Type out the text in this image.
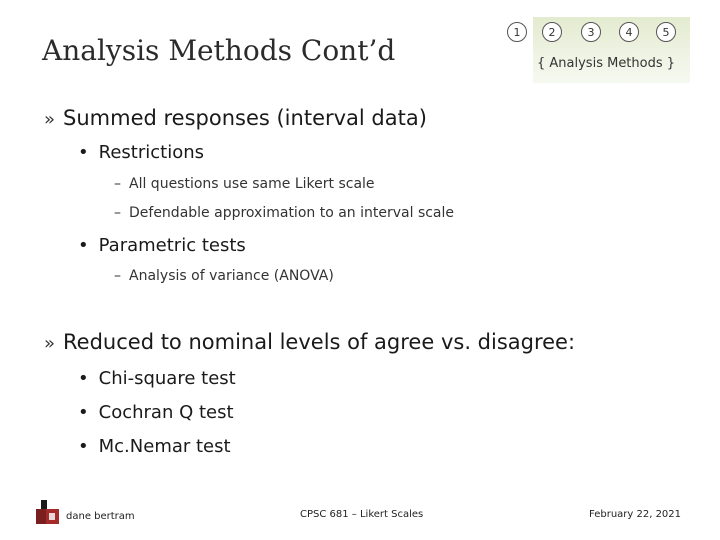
Analysis Methods Cont’d
1	2	3	4	5
{ Analysis Methods }
» Summed responses (interval data)
• Restrictions
– All questions use same Likert scale
– Defendable approximation to an interval scale
• Parametric tests
– Analysis of variance (ANOVA)
» Reduced to nominal levels of agree vs. disagree:
• Chi-square test
• Cochran Q test
• Mc.Nemar test
dane bertram	CPSC 681 – Likert Scales	February 22, 2021
